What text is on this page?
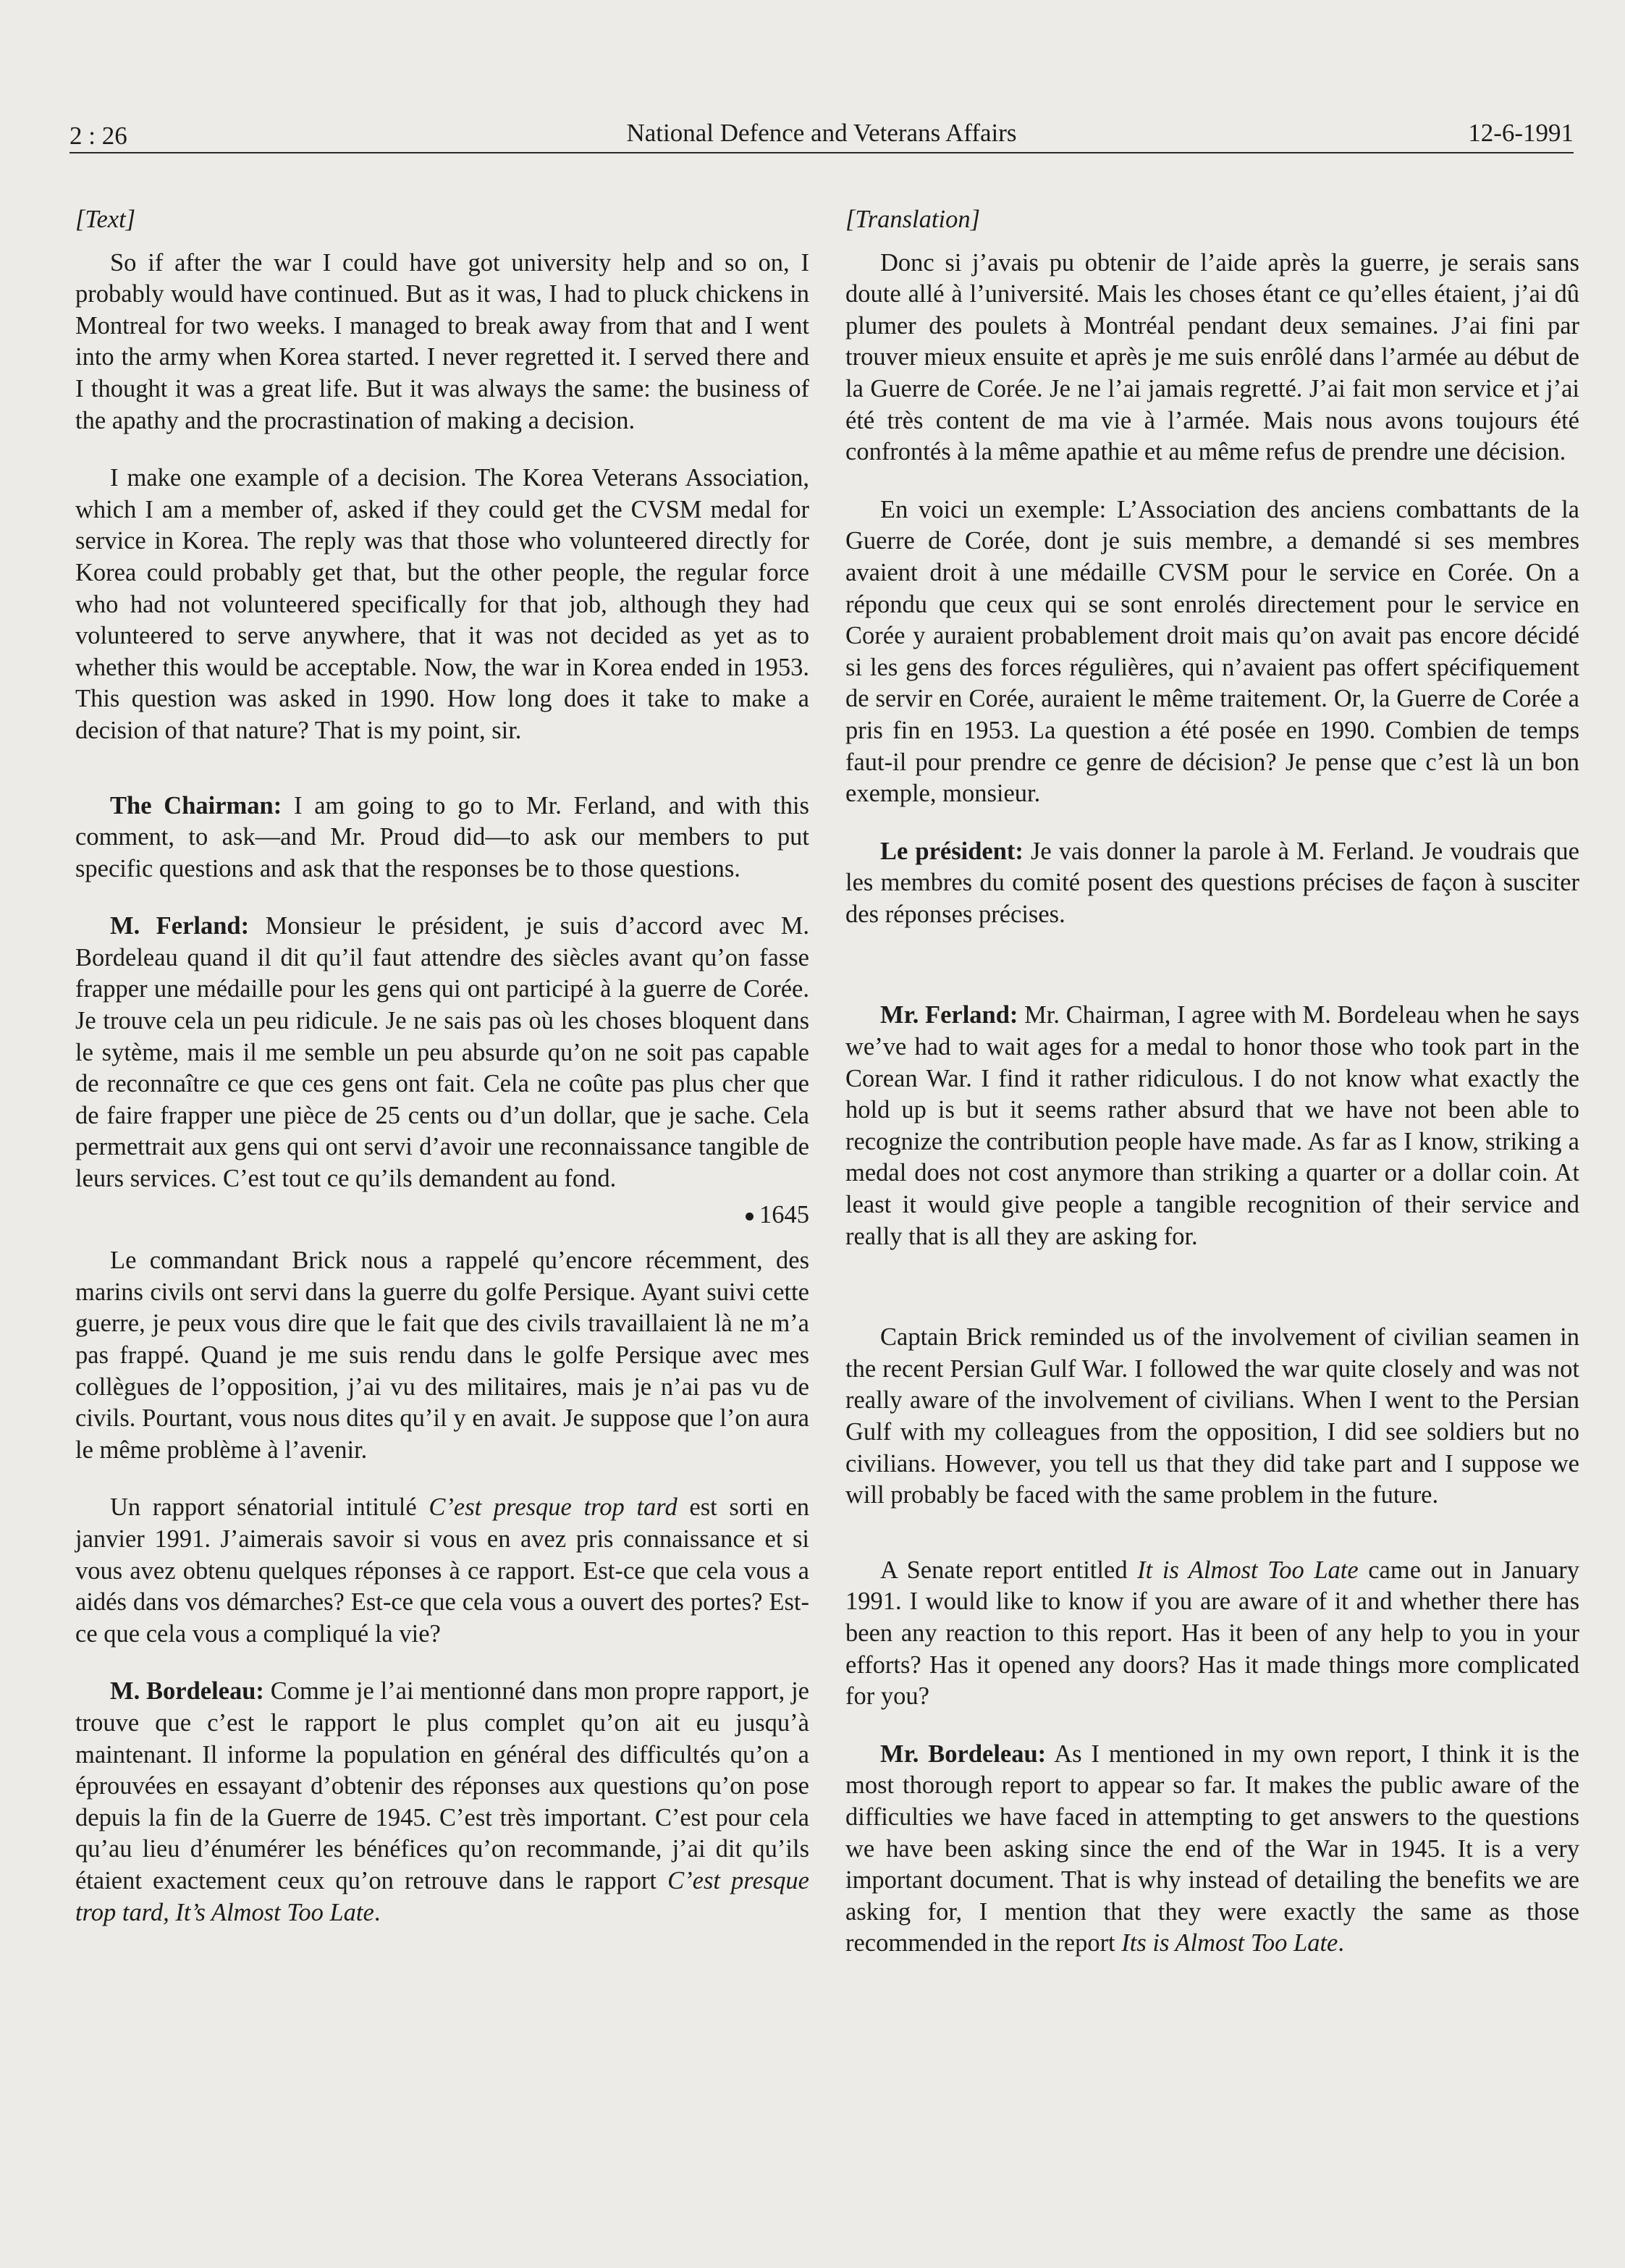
2 : 26	National Defence and Veterans Affairs	12-6-1991
[Text]

So if after the war I could have got university help and so on, I probably would have continued. But as it was, I had to pluck chickens in Montreal for two weeks. I managed to break away from that and I went into the army when Korea started. I never regretted it. I served there and I thought it was a great life. But it was always the same: the business of the apathy and the procrastination of making a decision.

I make one example of a decision. The Korea Veterans Association, which I am a member of, asked if they could get the CVSM medal for service in Korea. The reply was that those who volunteered directly for Korea could probably get that, but the other people, the regular force who had not volunteered specifically for that job, although they had volunteered to serve anywhere, that it was not decided as yet as to whether this would be acceptable. Now, the war in Korea ended in 1953. This question was asked in 1990. How long does it take to make a decision of that nature? That is my point, sir.

The Chairman: I am going to go to Mr. Ferland, and with this comment, to ask—and Mr. Proud did—to ask our members to put specific questions and ask that the responses be to those questions.

M. Ferland: Monsieur le président, je suis d’accord avec M. Bordeleau quand il dit qu’il faut attendre des siècles avant qu’on fasse frapper une médaille pour les gens qui ont participé à la guerre de Corée. Je trouve cela un peu ridicule. Je ne sais pas où les choses bloquent dans le sytème, mais il me semble un peu absurde qu’on ne soit pas capable de reconnaître ce que ces gens ont fait. Cela ne coûte pas plus cher que de faire frapper une pièce de 25 cents ou d’un dollar, que je sache. Cela permettrait aux gens qui ont servi d’avoir une reconnaissance tangible de leurs services. C’est tout ce qu’ils demandent au fond.

1645

Le commandant Brick nous a rappelé qu’encore récemment, des marins civils ont servi dans la guerre du golfe Persique. Ayant suivi cette guerre, je peux vous dire que le fait que des civils travaillaient là ne m’a pas frappé. Quand je me suis rendu dans le golfe Persique avec mes collègues de l’opposition, j’ai vu des militaires, mais je n’ai pas vu de civils. Pourtant, vous nous dites qu’il y en avait. Je suppose que l’on aura le même problème à l’avenir.

Un rapport sénatorial intitulé C’est presque trop tard est sorti en janvier 1991. J’aimerais savoir si vous en avez pris connaissance et si vous avez obtenu quelques réponses à ce rapport. Est-ce que cela vous a aidés dans vos démarches? Est-ce que cela vous a ouvert des portes? Est-ce que cela vous a compliqué la vie?

M. Bordeleau: Comme je l’ai mentionné dans mon propre rapport, je trouve que c’est le rapport le plus complet qu’on ait eu jusqu’à maintenant. Il informe la population en général des difficultés qu’on a éprouvées en essayant d’obtenir des réponses aux questions qu’on pose depuis la fin de la Guerre de 1945. C’est très important. C’est pour cela qu’au lieu d’énumérer les bénéfices qu’on recommande, j’ai dit qu’ils étaient exactement ceux qu’on retrouve dans le rapport C’est presque trop tard, It’s Almost Too Late.

[Translation]

Donc si j’avais pu obtenir de l’aide après la guerre, je serais sans doute allé à l’université. Mais les choses étant ce qu’elles étaient, j’ai dû plumer des poulets à Montréal pendant deux semaines. J’ai fini par trouver mieux ensuite et après je me suis enrôlé dans l’armée au début de la Guerre de Corée. Je ne l’ai jamais regretté. J’ai fait mon service et j’ai été très content de ma vie à l’armée. Mais nous avons toujours été confrontés à la même apathie et au même refus de prendre une décision.

En voici un exemple: L’Association des anciens combattants de la Guerre de Corée, dont je suis membre, a demandé si ses membres avaient droit à une médaille CVSM pour le service en Corée. On a répondu que ceux qui se sont enrolés directement pour le service en Corée y auraient probablement droit mais qu’on avait pas encore décidé si les gens des forces régulières, qui n’avaient pas offert spécifiquement de servir en Corée, auraient le même traitement. Or, la Guerre de Corée a pris fin en 1953. La question a été posée en 1990. Combien de temps faut-il pour prendre ce genre de décision? Je pense que c’est là un bon exemple, monsieur.

Le président: Je vais donner la parole à M. Ferland. Je voudrais que les membres du comité posent des questions précises de façon à susciter des réponses précises.

Mr. Ferland: Mr. Chairman, I agree with M. Bordeleau when he says we’ve had to wait ages for a medal to honor those who took part in the Corean War. I find it rather ridiculous. I do not know what exactly the hold up is but it seems rather absurd that we have not been able to recognize the contribution people have made. As far as I know, striking a medal does not cost anymore than striking a quarter or a dollar coin. At least it would give people a tangible recognition of their service and really that is all they are asking for.

Captain Brick reminded us of the involvement of civilian seamen in the recent Persian Gulf War. I followed the war quite closely and was not really aware of the involvement of civilians. When I went to the Persian Gulf with my colleagues from the opposition, I did see soldiers but no civilians. However, you tell us that they did take part and I suppose we will probably be faced with the same problem in the future.

A Senate report entitled It is Almost Too Late came out in January 1991. I would like to know if you are aware of it and whether there has been any reaction to this report. Has it been of any help to you in your efforts? Has it opened any doors? Has it made things more complicated for you?

Mr. Bordeleau: As I mentioned in my own report, I think it is the most thorough report to appear so far. It makes the public aware of the difficulties we have faced in attempting to get answers to the questions we have been asking since the end of the War in 1945. It is a very important document. That is why instead of detailing the benefits we are asking for, I mention that they were exactly the same as those recommended in the report Its is Almost Too Late.
